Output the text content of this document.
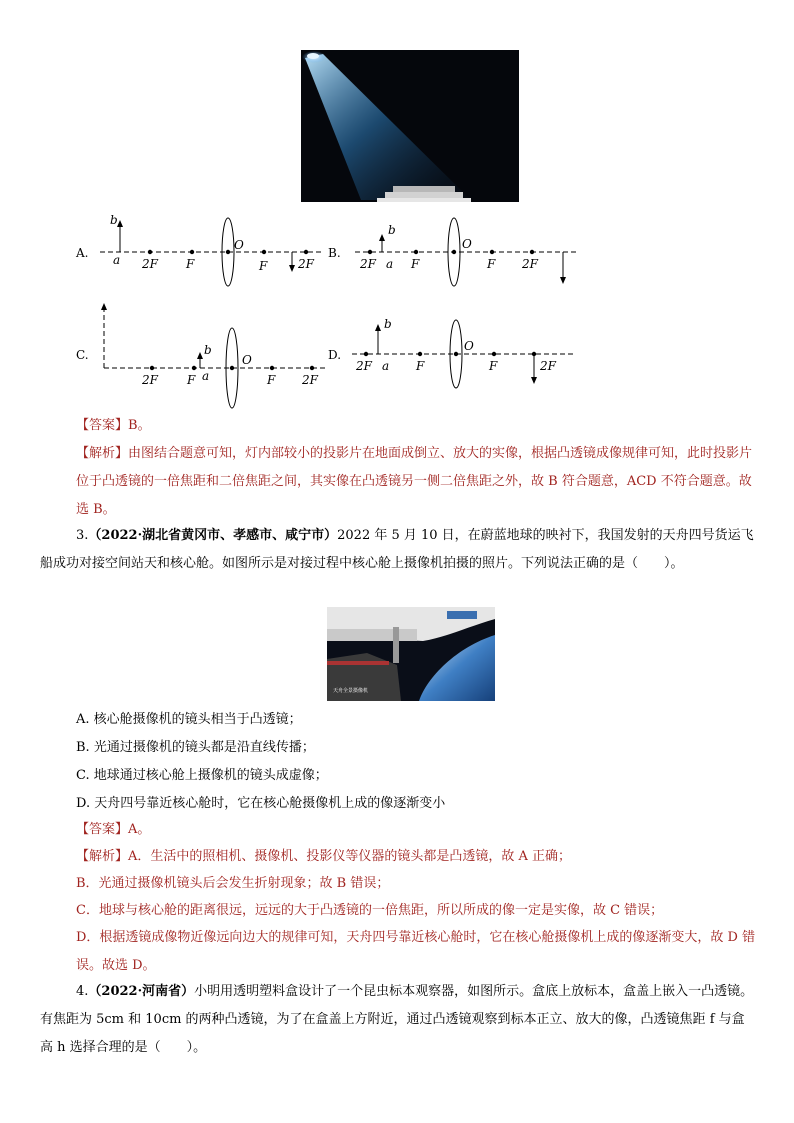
A.
b
a 2F F
O
F	2F
B.
2F
b
a F
O
F 2F
C.
2F F
b
a
O
F 2F
D.
2F
b
a F
O
F	2F

【答案】B。

【解析】由图结合题意可知，灯内部较小的投影片在地面成倒立、放大的实像，根据凸透镜成像规律可知，此时投影片位于凸透镜的一倍焦距和二倍焦距之间，其实像在凸透镜另一侧二倍焦距之外，故 B 符合题意，ACD 不符合题意。故选 B。

3.（2022·湖北省黄冈市、孝感市、咸宁市）2022 年 5 月 10 日，在蔚蓝地球的映衬下，我国发射的天舟四号货运飞船成功对接空间站天和核心舱。如图所示是对接过程中核心舱上摄像机拍摄的照片。下列说法正确的是（　　）。

天舟全景摄像机

A. 核心舱摄像机的镜头相当于凸透镜；

B. 光通过摄像机的镜头都是沿直线传播；

C. 地球通过核心舱上摄像机的镜头成虚像；

D. 天舟四号靠近核心舱时，它在核心舱摄像机上成的像逐渐变小

【答案】A。

【解析】A．生活中的照相机、摄像机、投影仪等仪器的镜头都是凸透镜，故 A 正确；

B．光通过摄像机镜头后会发生折射现象；故 B 错误；

C．地球与核心舱的距离很远，远远的大于凸透镜的一倍焦距，所以所成的像一定是实像，故 C 错误；

D．根据透镜成像物近像远向边大的规律可知，天舟四号靠近核心舱时，它在核心舱摄像机上成的像逐渐变大，故 D 错误。故选 D。

4.（2022·河南省）小明用透明塑料盒设计了一个昆虫标本观察器，如图所示。盒底上放标本，盒盖上嵌入一凸透镜。有焦距为 5cm 和 10cm 的两种凸透镜，为了在盒盖上方附近，通过凸透镜观察到标本正立、放大的像，凸透镜焦距 f 与盒高 h 选择合理的是（　　）。
